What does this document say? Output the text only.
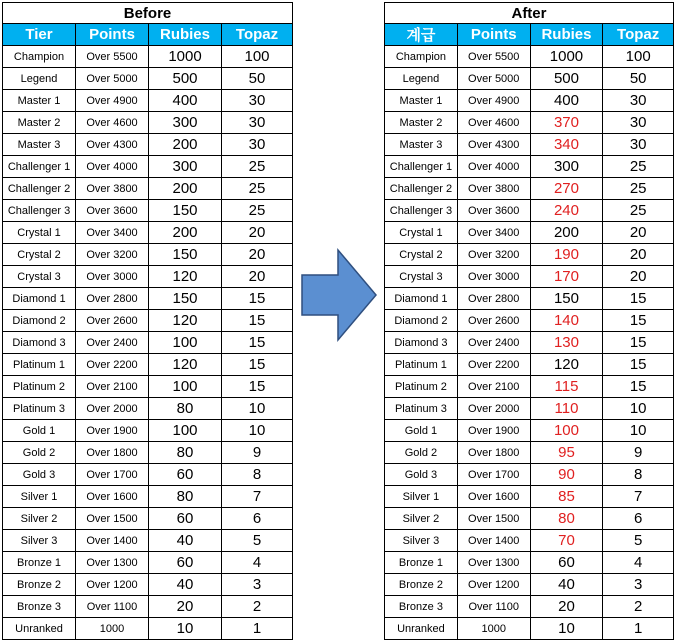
Before			
Tier	Points	Rubies	Topaz
Champion	Over 5500	1000	100
Legend	Over 5000	500	50
Master 1	Over 4900	400	30
Master 2	Over 4600	300	30
Master 3	Over 4300	200	30
Challenger 1	Over 4000	300	25
Challenger 2	Over 3800	200	25
Challenger 3	Over 3600	150	25
Crystal 1	Over 3400	200	20
Crystal 2	Over 3200	150	20
Crystal 3	Over 3000	120	20
Diamond 1	Over 2800	150	15
Diamond 2	Over 2600	120	15
Diamond 3	Over 2400	100	15
Platinum 1	Over 2200	120	15
Platinum 2	Over 2100	100	15
Platinum 3	Over 2000	80	10
Gold 1	Over 1900	100	10
Gold 2	Over 1800	80	9
Gold 3	Over 1700	60	8
Silver 1	Over 1600	80	7
Silver 2	Over 1500	60	6
Silver 3	Over 1400	40	5
Bronze 1	Over 1300	60	4
Bronze 2	Over 1200	40	3
Bronze 3	Over 1100	20	2
Unranked	1000	10	1
After			
계급	Points	Rubies	Topaz
Champion	Over 5500	1000	100
Legend	Over 5000	500	50
Master 1	Over 4900	400	30
Master 2	Over 4600	370	30
Master 3	Over 4300	340	30
Challenger 1	Over 4000	300	25
Challenger 2	Over 3800	270	25
Challenger 3	Over 3600	240	25
Crystal 1	Over 3400	200	20
Crystal 2	Over 3200	190	20
Crystal 3	Over 3000	170	20
Diamond 1	Over 2800	150	15
Diamond 2	Over 2600	140	15
Diamond 3	Over 2400	130	15
Platinum 1	Over 2200	120	15
Platinum 2	Over 2100	115	15
Platinum 3	Over 2000	110	10
Gold 1	Over 1900	100	10
Gold 2	Over 1800	95	9
Gold 3	Over 1700	90	8
Silver 1	Over 1600	85	7
Silver 2	Over 1500	80	6
Silver 3	Over 1400	70	5
Bronze 1	Over 1300	60	4
Bronze 2	Over 1200	40	3
Bronze 3	Over 1100	20	2
Unranked	1000	10	1
